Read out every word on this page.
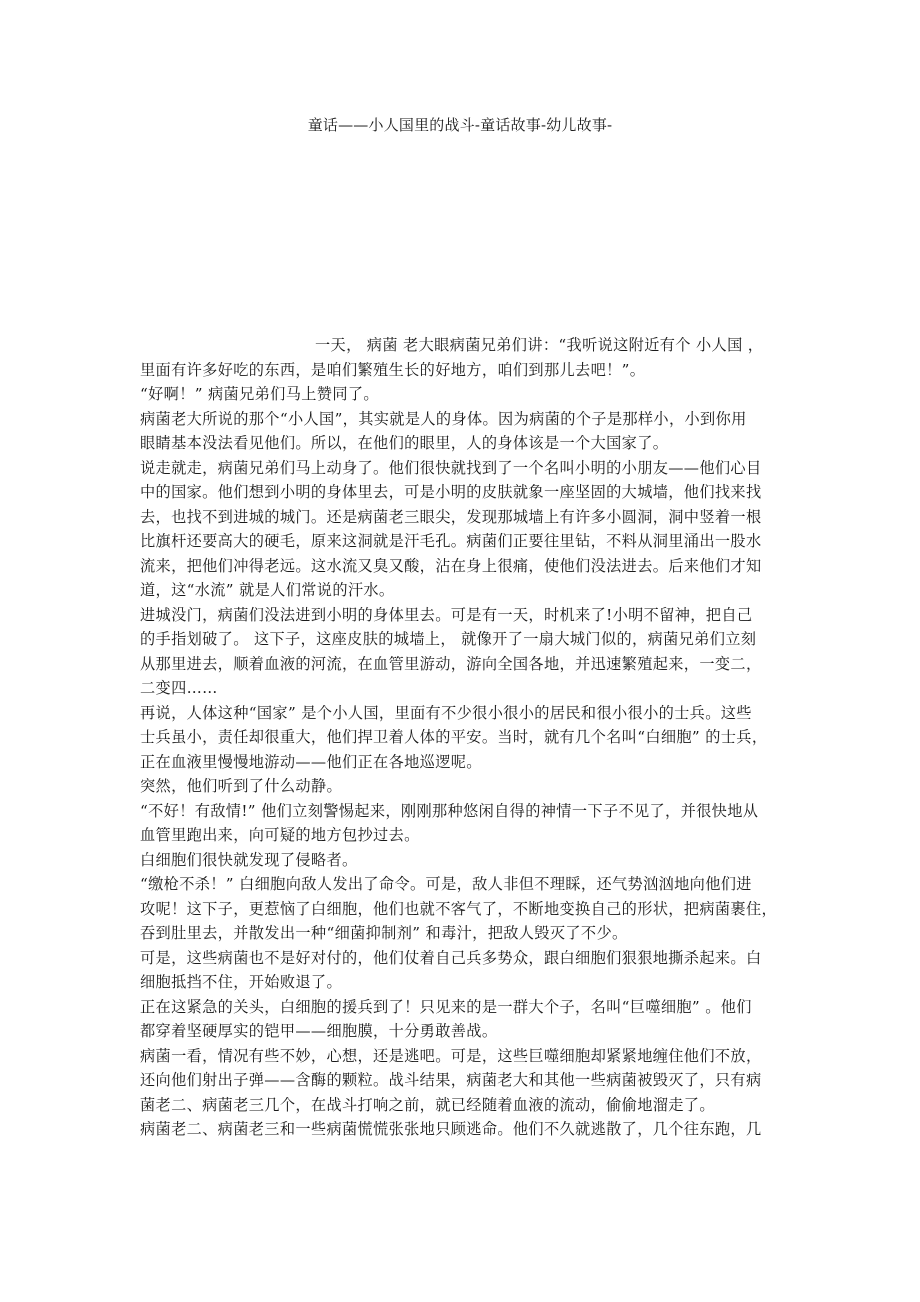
童话——小人国里的战斗-童话故事-幼儿故事-
一天， 病菌 老大眼病菌兄弟们讲：“我听说这附近有个 小人国 ，
里面有许多好吃的东西，是咱们繁殖生长的好地方，咱们到那儿去吧！”。
“好啊！” 病菌兄弟们马上赞同了。
病菌老大所说的那个“小人国”，其实就是人的身体。因为病菌的个子是那样小，小到你用
眼睛基本没法看见他们。所以，在他们的眼里，人的身体该是一个大国家了。
说走就走，病菌兄弟们马上动身了。他们很快就找到了一个名叫小明的小朋友——他们心目
中的国家。他们想到小明的身体里去，可是小明的皮肤就象一座坚固的大城墙，他们找来找
去，也找不到进城的城门。还是病菌老三眼尖，发现那城墙上有许多小圆洞，洞中竖着一根
比旗杆还要高大的硬毛，原来这洞就是汗毛孔。病菌们正要往里钻，不料从洞里涌出一股水
流来，把他们冲得老远。这水流又臭又酸，沾在身上很痛，使他们没法进去。后来他们才知
道，这“水流” 就是人们常说的汗水。
进城没门，病菌们没法进到小明的身体里去。可是有一天，时机来了!小明不留神，把自己
的手指划破了。 这下子，这座皮肤的城墙上， 就像开了一扇大城门似的，病菌兄弟们立刻
从那里进去，顺着血液的河流，在血管里游动，游向全国各地，并迅速繁殖起来，一变二，
二变四……
再说，人体这种“国家” 是个小人国，里面有不少很小很小的居民和很小很小的士兵。这些
士兵虽小，责任却很重大，他们捍卫着人体的平安。当时，就有几个名叫“白细胞” 的士兵，
正在血液里慢慢地游动——他们正在各地巡逻呢。
突然，他们听到了什么动静。
“不好！有敌情!” 他们立刻警惕起来，刚刚那种悠闲自得的神情一下子不见了，并很快地从
血管里跑出来，向可疑的地方包抄过去。
白细胞们很快就发现了侵略者。
“缴枪不杀！” 白细胞向敌人发出了命令。可是，敌人非但不理睬，还气势汹汹地向他们进
攻呢！这下子，更惹恼了白细胞，他们也就不客气了，不断地变换自己的形状，把病菌裹住，
吞到肚里去，并散发出一种“细菌抑制剂” 和毒汁，把敌人毁灭了不少。
可是，这些病菌也不是好对付的，他们仗着自己兵多势众，跟白细胞们狠狠地撕杀起来。白
细胞抵挡不住，开始败退了。
正在这紧急的关头，白细胞的援兵到了！只见来的是一群大个子，名叫“巨噬细胞” 。他们
都穿着坚硬厚实的铠甲——细胞膜，十分勇敢善战。
病菌一看，情况有些不妙，心想，还是逃吧。可是，这些巨噬细胞却紧紧地缠住他们不放，
还向他们射出子弹——含酶的颗粒。战斗结果，病菌老大和其他一些病菌被毁灭了，只有病
菌老二、病菌老三几个，在战斗打响之前，就已经随着血液的流动，偷偷地溜走了。
病菌老二、病菌老三和一些病菌慌慌张张地只顾逃命。他们不久就逃散了，几个往东跑，几
